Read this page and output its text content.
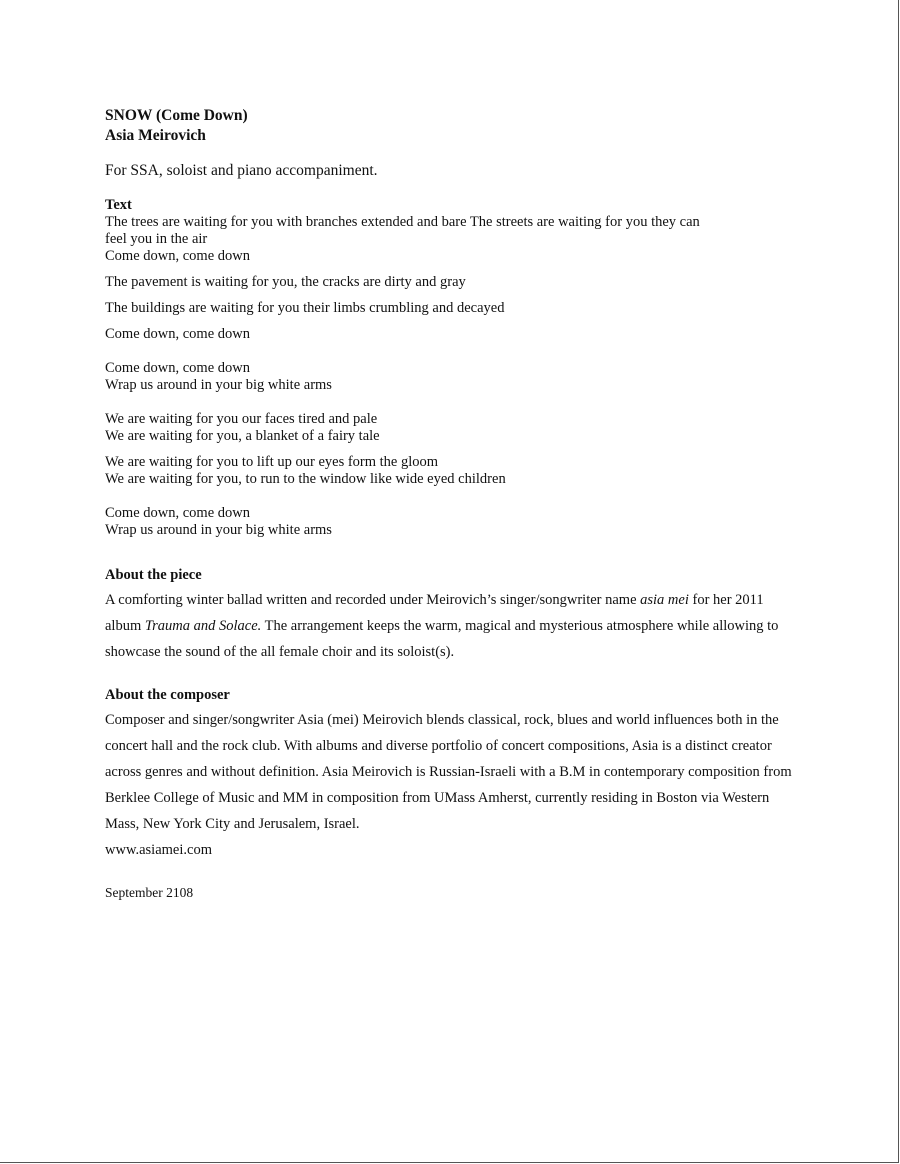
SNOW (Come Down)
Asia Meirovich
For SSA, soloist and piano accompaniment.
Text
The trees are waiting for you with branches extended and bare The streets are waiting for you they can
feel you in the air
Come down, come down
The pavement is waiting for you, the cracks are dirty and gray
The buildings are waiting for you their limbs crumbling and decayed
Come down, come down
Come down, come down
Wrap us around in your big white arms
We are waiting for you our faces tired and pale
We are waiting for you, a blanket of a fairy tale
We are waiting for you to lift up our eyes form the gloom
We are waiting for you, to run to the window like wide eyed children
Come down, come down
Wrap us around in your big white arms
About the piece
A comforting winter ballad written and recorded under Meirovich’s singer/songwriter name asia mei for her 2011 album Trauma and Solace. The arrangement keeps the warm, magical and mysterious atmosphere while allowing to showcase the sound of the all female choir and its soloist(s).
About the composer
Composer and singer/songwriter Asia (mei) Meirovich blends classical, rock, blues and world influences both in the concert hall and the rock club. With albums and diverse portfolio of concert compositions, Asia is a distinct creator across genres and without definition. Asia Meirovich is Russian-Israeli with a B.M in contemporary composition from Berklee College of Music and MM in composition from UMass Amherst, currently residing in Boston via Western Mass, New York City and Jerusalem, Israel.
www.asiamei.com
September 2108
